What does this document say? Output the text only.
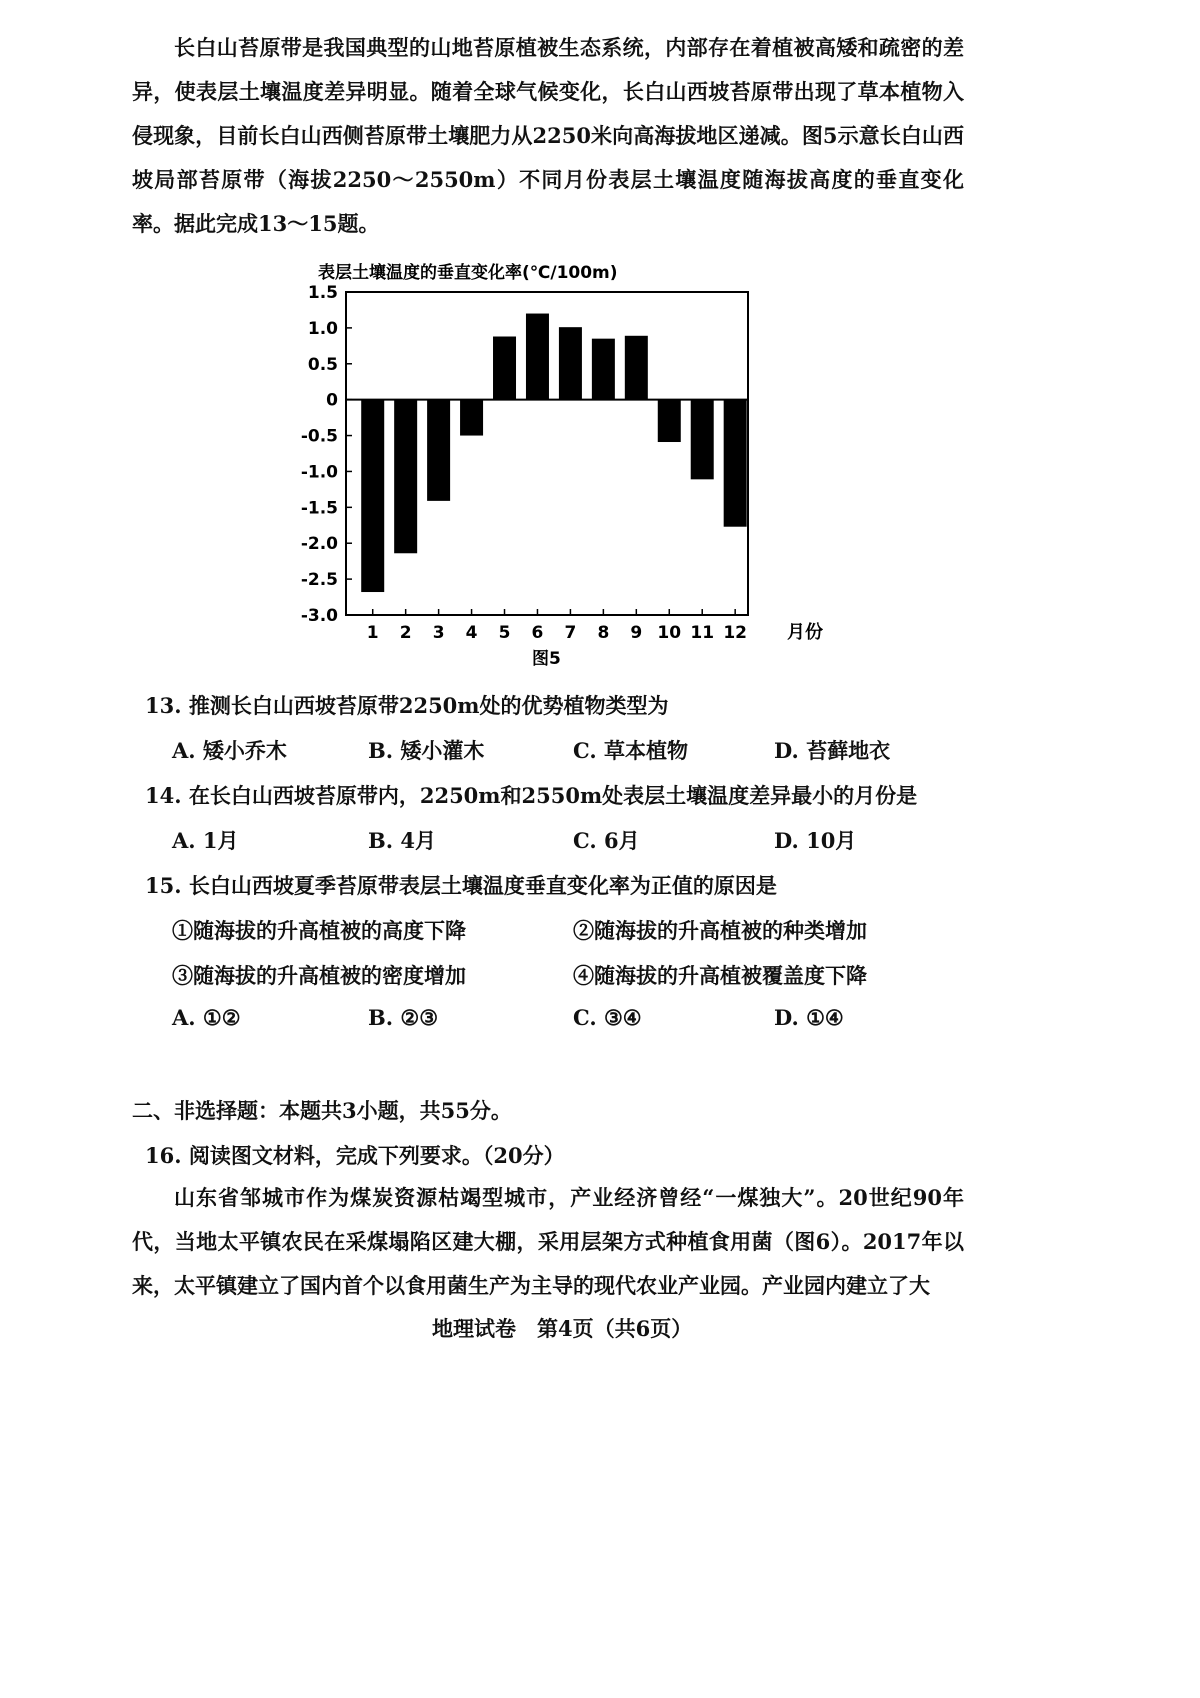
长白山苔原带是我国典型的山地苔原植被生态系统，内部存在着植被高矮和疏密的差异，使表层土壤温度差异明显。随着全球气候变化，长白山西坡苔原带出现了草本植物入侵现象，目前长白山西侧苔原带土壤肥力从2250米向高海拔地区递减。图5示意长白山西坡局部苔原带（海拔2250～2550m）不同月份表层土壤温度随海拔高度的垂直变化率。据此完成13～15题。
表层土壤温度的垂直变化率(℃/100m)
1.5
1.0
0.5
0
-0.5
-1.0
-1.5
-2.0
-2.5
-3.0
1 2 3 4 5 6 7 8 9 10 11 12 月份
图5
13. 推测长白山西坡苔原带2250m处的优势植物类型为
A. 矮小乔木	B. 矮小灌木	C. 草本植物	D. 苔藓地衣
14. 在长白山西坡苔原带内，2250m和2550m处表层土壤温度差异最小的月份是
A. 1月	B. 4月	C. 6月	D. 10月
15. 长白山西坡夏季苔原带表层土壤温度垂直变化率为正值的原因是
①随海拔的升高植被的高度下降	②随海拔的升高植被的种类增加
③随海拔的升高植被的密度增加	④随海拔的升高植被覆盖度下降
A. ①②	B. ②③	C. ③④	D. ①④
二、非选择题：本题共3小题，共55分。
16. 阅读图文材料，完成下列要求。（20分）
山东省邹城市作为煤炭资源枯竭型城市，产业经济曾经“一煤独大”。20世纪90年代，当地太平镇农民在采煤塌陷区建大棚，采用层架方式种植食用菌（图6）。2017年以来，太平镇建立了国内首个以食用菌生产为主导的现代农业产业园。产业园内建立了大
地理试卷　第4页（共6页）
